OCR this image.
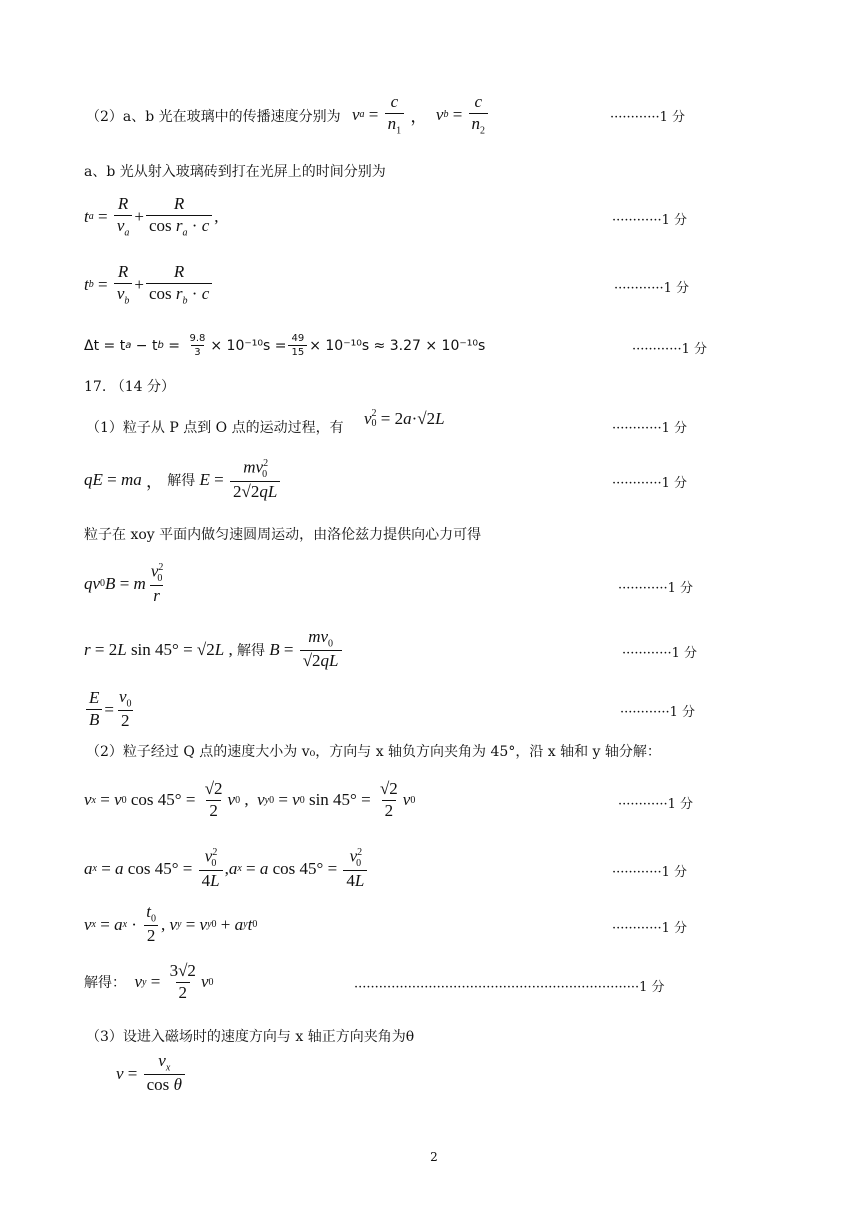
（2）a、b 光在玻璃中的传播速度分别为 v $a = \frac{c}{n_1}$ ， v $b = \frac{c}{n_2}$	············1 分
a、b 光从射入玻璃砖到打在光屏上的时间分别为
t $a = \frac{R}{v_a} + \frac{R}{\cos r_a \cdot c}$ ,	············1 分
t $b = \frac{R}{v_b} + \frac{R}{\cos r_b \cdot c}$	············1 分
Δt = t a − t $b = \frac{9.8}{3} \times 10^{-10}s = \frac{49}{15} \times 10^{-10}s \approx 3.27 \times 10^{-10}s$	············1 分
17. （14 分）
（1）粒子从 P 点到 O 点的运动过程，有 v 2
0 = 2 a ·√2 L
············1 分
qE = ma ， 解得
$E = \frac{mv^2_0}{2√2qL}$	············1 分
粒子在 xoy 平面内做匀速圆周运动，由洛伦兹力提供向心力可得
qv 0 B = m $\frac{v^2_0}{r}$	············1 分
r = 2 L sin 45° = √2 L , 解得
$B = \frac{mv_0}{√2qL}$	············1 分
$\frac{E}{B} = \frac{v_0}{2}$	············1 分
（2）粒子经过 Q 点的速度大小为 v₀，方向与 x 轴负方向夹角为 45°，沿 x 轴和 y 轴分解：
v x = v 0 $\cos 45^\circ = \frac{√2}{2}$ v 0 , v y0 = v 0 $\sin 45^\circ = \frac{√2}{2}$ v 0	············1 分
a x = a $\cos 45^\circ = \frac{v^2_0}{4L}$ , a x = a $\cos 45^\circ = \frac{v^2_0}{4L}$	············1 分
v x = a $x \cdot \frac{t_0}{2}$ , v y = v y0 + a y t 0	············1 分
解得：
v $y = \frac{3√2}{2}$ v 0	·····································································1 分
（3）设进入磁场时的速度方向与 x 轴正方向夹角为θ
$v = \frac{v_x}{\text{cos θ}}$
2
